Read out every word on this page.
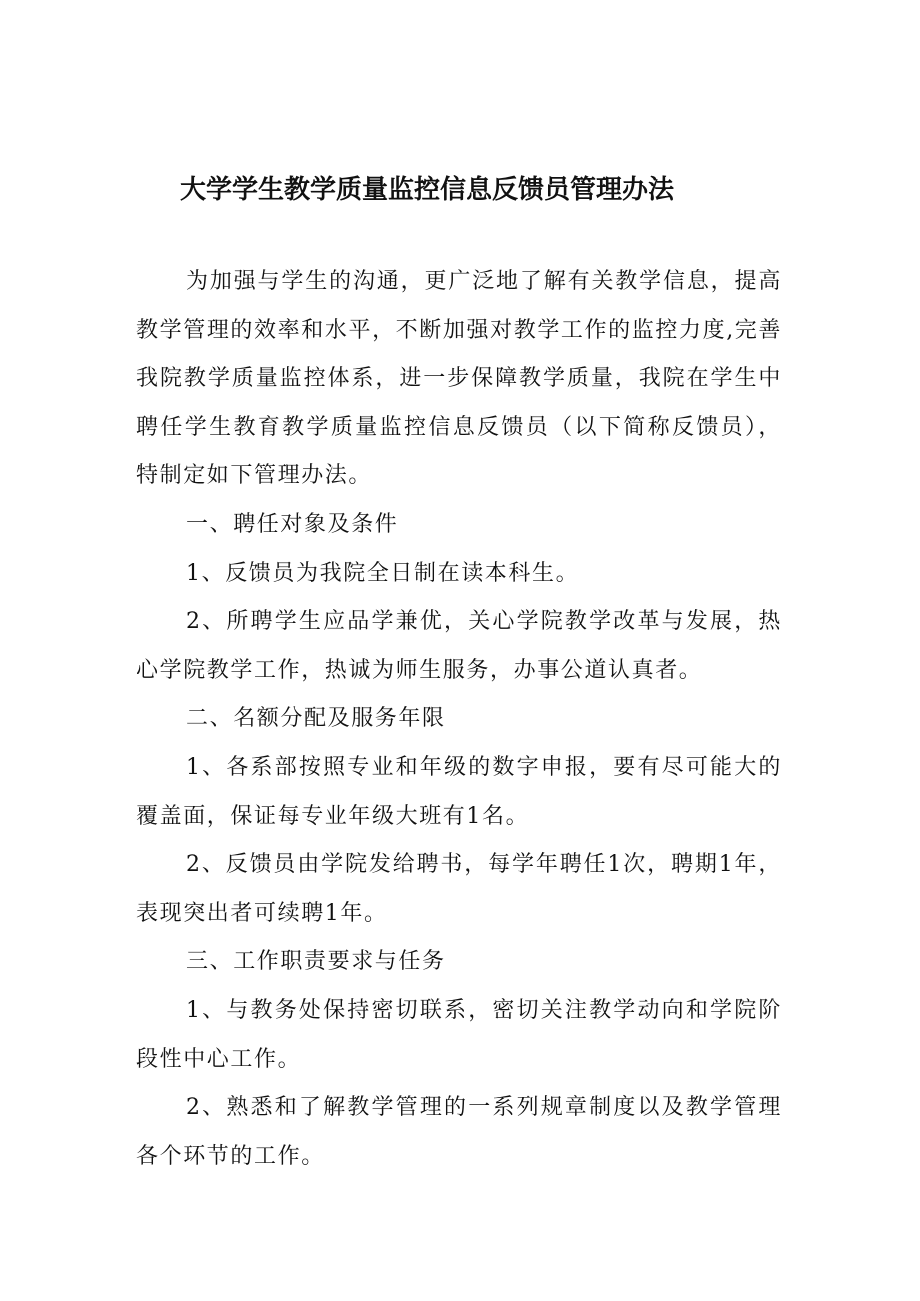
大学学生教学质量监控信息反馈员管理办法

为加强与学生的沟通，更广泛地了解有关教学信息，提高教学管理的效率和水平，不断加强对教学工作的监控力度,完善我院教学质量监控体系，进一步保障教学质量，我院在学生中聘任学生教育教学质量监控信息反馈员（以下简称反馈员），特制定如下管理办法。

一、聘任对象及条件

1、反馈员为我院全日制在读本科生。

2、所聘学生应品学兼优，关心学院教学改革与发展，热心学院教学工作，热诚为师生服务，办事公道认真者。

二、名额分配及服务年限

1、各系部按照专业和年级的数字申报，要有尽可能大的覆盖面，保证每专业年级大班有1名。

2、反馈员由学院发给聘书，每学年聘任1次，聘期1年，表现突出者可续聘1年。

三、工作职责要求与任务

1、与教务处保持密切联系，密切关注教学动向和学院阶段性中心工作。

2、熟悉和了解教学管理的一系列规章制度以及教学管理各个环节的工作。
